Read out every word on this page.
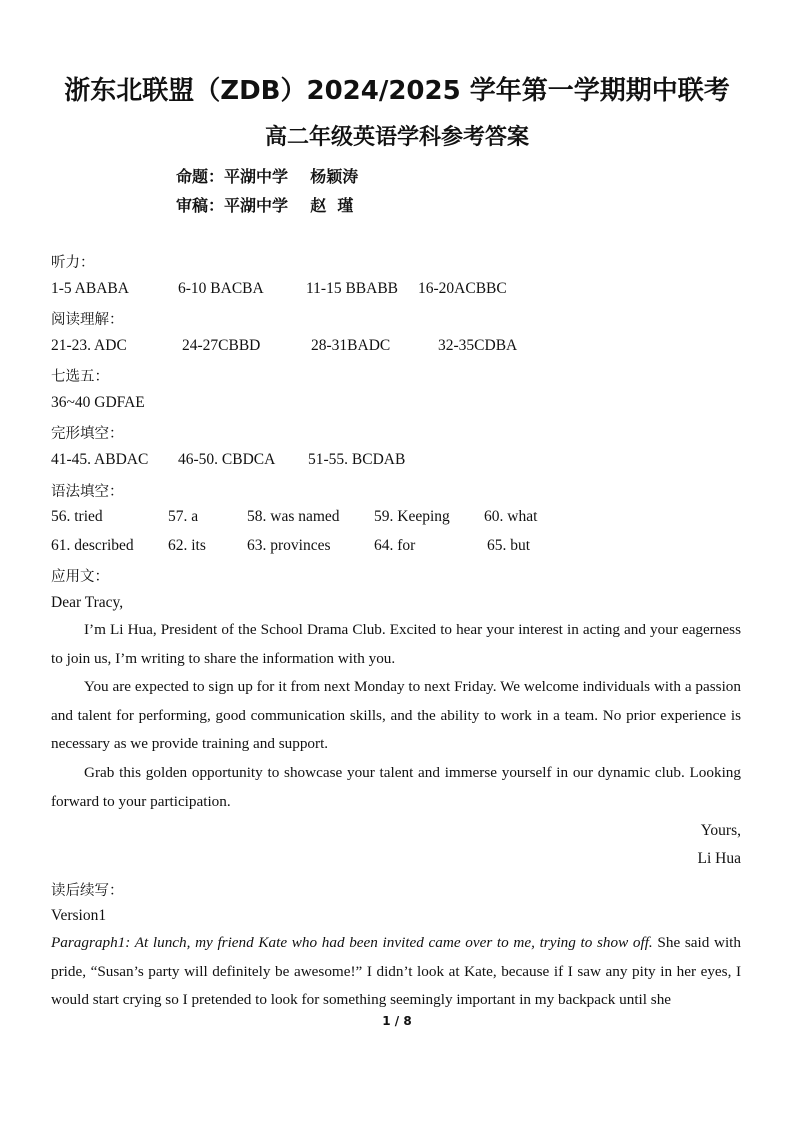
浙东北联盟（ZDB）2024/2025 学年第一学期期中联考
高二年级英语学科参考答案
命题：平湖中学    杨颖涛
审稿：平湖中学    赵  瑾
听力：
1-5 ABABA	6-10 BACBA	11-15 BBABB 16-20ACBBC
阅读理解：
21-23. ADC	24-27CBBD	28-31BADC	32-35CDBA
七选五：
36~40 GDFAE
完形填空：
41-45. ABDAC 46-50. CBDCA 51-55. BCDAB
语法填空：
56. tried	57. a	58. was named 59. Keeping 60. what
61. described 62. its	63. provinces	64. for	65. but
应用文：
Dear Tracy,
I’m Li Hua, President of the School Drama Club. Excited to hear your interest in acting and your eagerness to join us, I’m writing to share the information with you.
You are expected to sign up for it from next Monday to next Friday. We welcome individuals with a passion and talent for performing, good communication skills, and the ability to work in a team. No prior experience is necessary as we provide training and support.
Grab this golden opportunity to showcase your talent and immerse yourself in our dynamic club. Looking forward to your participation.
Yours,
Li Hua
读后续写：
Version1
Paragraph1: At lunch, my friend Kate who had been invited came over to me, trying to show off. She said with pride, “Susan’s party will definitely be awesome!” I didn’t look at Kate, because if I saw any pity in her eyes, I would start crying so I pretended to look for something seemingly important in my backpack until she
1 / 8
